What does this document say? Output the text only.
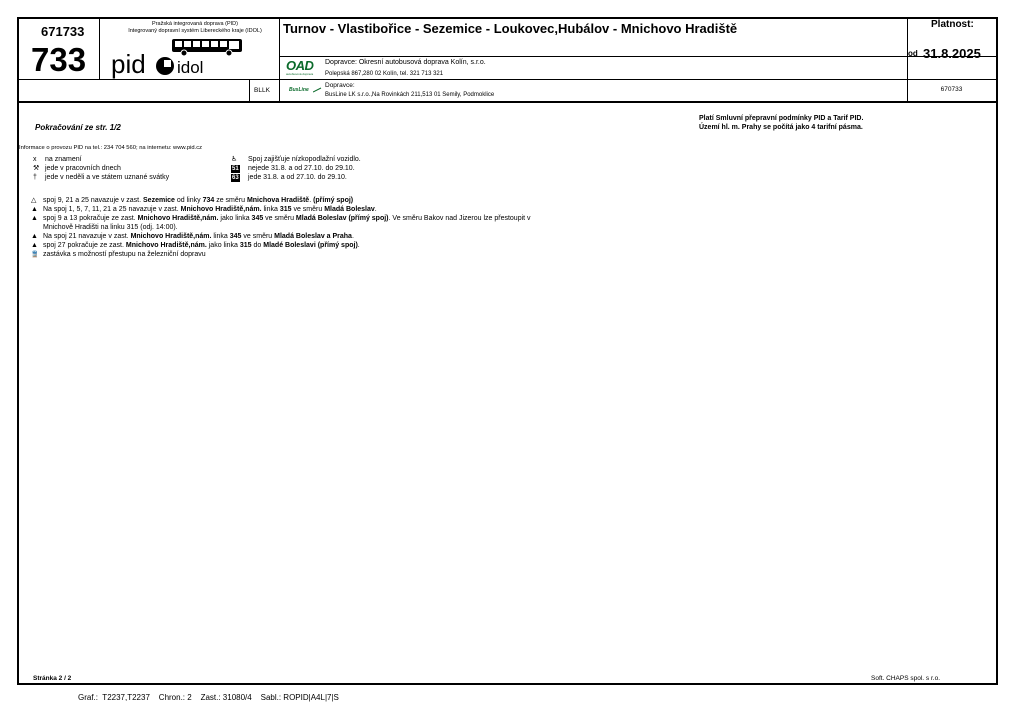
671733
733
Pražská integrovaná doprava (PID)
Integrovaný dopravní systém Libereckého kraje (IDOL)
pid idol
Turnov - Vlastibořice - Sezemice - Loukovec,Hubálov - Mnichovo Hradiště	Platnost:
od 31.8.2025
670733
OAD
autobusová doprava
Dopravce: Okresní autobusová doprava Kolín, s.r.o.
Polepská 867,280 02 Kolín, tel. 321 713 321
BLLK	BusLine
Dopravce:
BusLine LK s.r.o.,Na Rovinkách 211,513 01 Semily, Podmoklice
Pokračování ze str. 1/2
Platí Smluvní přepravní podmínky PID a Tarif PID.
Území hl. m. Prahy se počítá jako 4 tarifní pásma.
Informace o provozu PID na tel.: 234 704 560; na internetu: www.pid.cz
x na znamení
⚒ jede v pracovních dnech
† jede v neděli a ve státem uznané svátky
♿ Spoj zajišťuje nízkopodlažní vozidlo.
51 nejede 31.8. a od 27.10. do 29.10.
63 jede 31.8. a od 27.10. do 29.10.
△ spoj 9, 21 a 25 navazuje v zast. Sezemice od linky 734 ze směru Mnichova Hradiště. (přímý spoj)
▲ Na spoj 1, 5, 7, 11, 21 a 25 navazuje v zast. Mnichovo Hradiště,nám. linka 315 ve směru Mladá Boleslav.
▲ spoj 9 a 13 pokračuje ze zast. Mnichovo Hradiště,nám. jako linka 345 ve směru Mladá Boleslav (přímý spoj). Ve směru Bakov nad Jizerou lze přestoupit v
Mnichově Hradišti na linku 315 (odj. 14:00).
▲ Na spoj 21 navazuje v zast. Mnichovo Hradiště,nám. linka 345 ve směru Mladá Boleslav a Praha.
▲ spoj 27 pokračuje ze zast. Mnichovo Hradiště,nám. jako linka 315 do Mladé Boleslavi (přímý spoj).
🚆 zastávka s možností přestupu na železniční dopravu
Stránka 2 / 2	Soft. CHAPS spol. s r.o.
Graf.:  T2237,T2237    Chron.: 2    Zast.: 31080/4    Sabl.: ROPID|A4L|7|S
